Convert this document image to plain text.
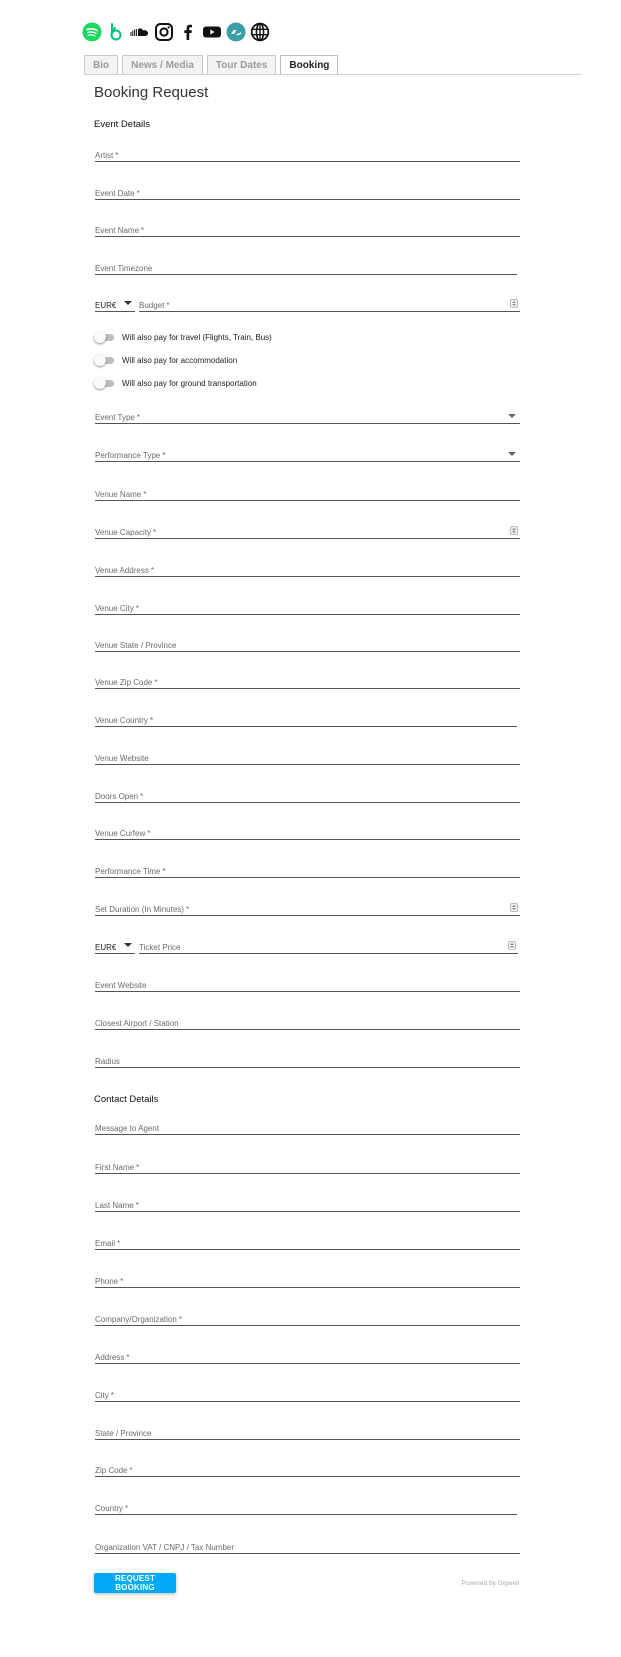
Bio	News / Media	Tour Dates	Booking
Booking Request
Event Details
Artist *
Event Date *
Event Name *
Event Timezone
EUR€	Budget *
Will also pay for travel (Flights, Train, Bus)
Will also pay for accommodation
Will also pay for ground transportation
Event Type *
Performance Type *
Venue Name *
Venue Capacity *
Venue Address *
Venue City *
Venue State / Province
Venue Zip Code *
Venue Country *
Venue Website
Doors Open *
Venue Curfew *
Performance Time *
Set Duration (In Minutes) *
EUR€	Ticket Price
Event Website
Closest Airport / Station
Radius
Contact Details
Message to Agent
First Name *
Last Name *
Email *
Phone *
Company/Organization *
Address *
City *
State / Province
Zip Code *
Country *
Organization VAT / CNPJ / Tax Number
REQUEST BOOKING	Powered by Gigwell
